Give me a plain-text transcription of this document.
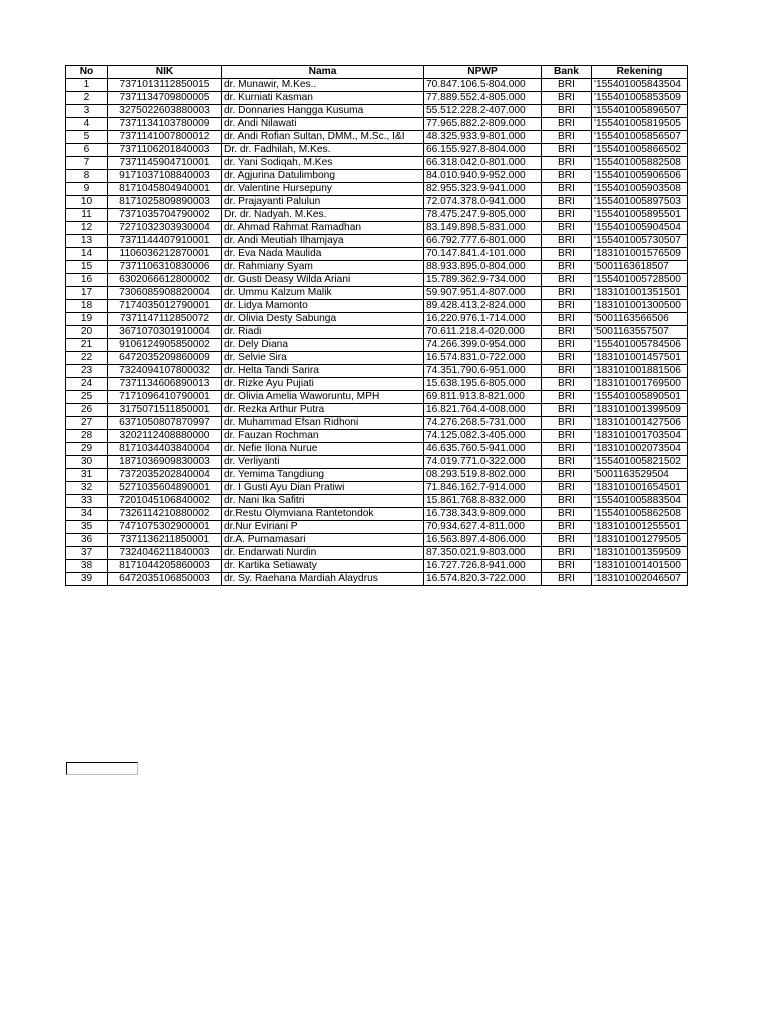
No	NIK	Nama	NPWP	Bank	Rekening
1	7371013112850015	dr. Munawir, M.Kes..	70.847.106.5-804.000	BRI	'155401005843504
2	7371134709800005	dr. Kurniati Kasman	77.889.552.4-805.000	BRI	'155401005853509
3	3275022603880003	dr. Donnaries Hangga Kusuma	55.512.228.2-407.000	BRI	'155401005896507
4	7371134103780009	dr. Andi Nilawati	77.965.882.2-809.000	BRI	'155401005819505
5	7371141007800012	dr. Andi Rofian Sultan, DMM., M.Sc., I&I	48.325.933.9-801.000	BRI	'155401005856507
6	7371106201840003	Dr. dr. Fadhilah, M.Kes.	66.155.927.8-804.000	BRI	'155401005866502
7	7371145904710001	dr. Yani Sodiqah, M.Kes	66.318.042.0-801.000	BRI	'155401005882508
8	9171037108840003	dr. Agjurina Datulimbong	84.010.940.9-952.000	BRI	'155401005906506
9	8171045804940001	dr. Valentine Hursepuny	82.955.323.9-941.000	BRI	'155401005903508
10	8171025809890003	dr. Prajayanti Palulun	72.074.378.0-941.000	BRI	'155401005897503
11	7371035704790002	Dr. dr. Nadyah. M.Kes.	78.475.247.9-805.000	BRI	'155401005895501
12	7271032303930004	dr. Ahmad Rahmat Ramadhan	83.149.898.5-831.000	BRI	'155401005904504
13	7371144407910001	dr. Andi Meutiah Ilhamjaya	66.792.777.6-801.000	BRI	'155401005730507
14	1106036212870001	dr. Eva Nada Maulida	70.147.841.4-101.000	BRI	'183101001576509
15	7371106310830006	dr. Rahmiany Syam	88.933.895.0-804.000	BRI	'5001163618507
16	6302066612800002	dr. Gusti Deasy Wilda Ariani	15.789.362.9-734.000	BRI	'155401005728500
17	7306085908820004	dr. Ummu Kalzum Malik	59.907.951.4-807.000	BRI	'183101001351501
18	7174035012790001	dr. Lidya Mamonto	89.428.413.2-824.000	BRI	'183101001300500
19	7371147112850072	dr. Olivia Desty Sabunga	16.220.976.1-714.000	BRI	'5001163566506
20	3671070301910004	dr. Riadi	70.611.218.4-020.000	BRI	'5001163557507
21	9106124905850002	dr. Dely Diana	74.266.399.0-954.000	BRI	'155401005784506
22	6472035209860009	dr. Selvie Sira	16.574.831.0-722.000	BRI	'183101001457501
23	7324094107800032	dr. Helta Tandi Sarira	74.351.790.6-951.000	BRI	'183101001881506
24	7371134606890013	dr. Rizke Ayu Pujiati	15.638.195.6-805.000	BRI	'183101001769500
25	7171096410790001	dr. Olivia Amelia Waworuntu, MPH	69.811.913.8-821.000	BRI	'155401005890501
26	3175071511850001	dr. Rezka Arthur Putra	16.821.764.4-008.000	BRI	'183101001399509
27	6371050807870997	dr. Muhammad Efsan Ridhoni	74.276.268.5-731.000	BRI	'183101001427506
28	3202112408880000	dr. Fauzan Rochman	74.125.082.3-405.000	BRI	'183101001703504
29	8171034403840004	dr. Nefie Ilona Nurue	46.635.760.5-941.000	BRI	'183101002073504
30	1871036909830003	dr. Verliyanti	74.019.771.0-322.000	BRI	'155401005821502
31	7372035202840004	dr. Yemima Tangdiung	08.293.519.8-802.000	BRI	'5001163529504
32	5271035604890001	dr. I Gusti Ayu Dian Pratiwi	71.846.162.7-914.000	BRI	'183101001654501
33	7201045106840002	dr. Nani Ika Safitri	15.861.768.8-832.000	BRI	'155401005883504
34	7326114210880002	dr.Restu Olymviana Rantetondok	16.738.343.9-809.000	BRI	'155401005862508
35	7471075302900001	dr.Nur Eviriani P	70.934.627.4-811.000	BRI	'183101001255501
36	7371136211850001	dr.A. Purnamasari	16.563.897.4-806.000	BRI	'183101001279505
37	7324046211840003	dr. Endarwati Nurdin	87.350.021.9-803.000	BRI	'183101001359509
38	8171044205860003	dr. Kartika Setiawaty	16.727.726.8-941.000	BRI	'183101001401500
39	6472035106850003	dr. Sy. Raehana Mardiah Alaydrus	16.574.820.3-722.000	BRI	'183101002046507
